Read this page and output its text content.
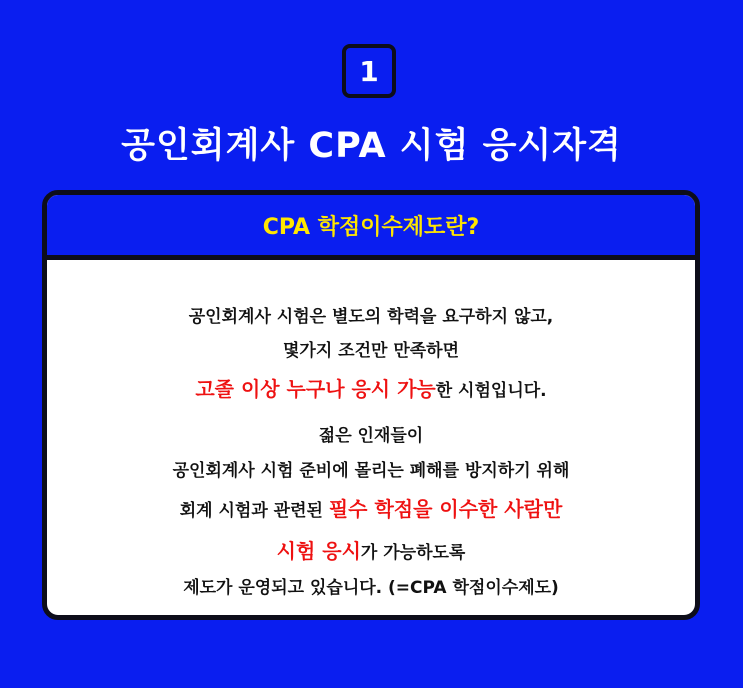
1
공인회계사 CPA 시험 응시자격
CPA 학점이수제도란?
공인회계사 시험은 별도의 학력을 요구하지 않고,
몇가지 조건만 만족하면
고졸 이상 누구나 응시 가능한 시험입니다.
젊은 인재들이
공인회계사 시험 준비에 몰리는 폐해를 방지하기 위해
회계 시험과 관련된 필수 학점을 이수한 사람만
시험 응시가 가능하도록
제도가 운영되고 있습니다. (=CPA 학점이수제도)
